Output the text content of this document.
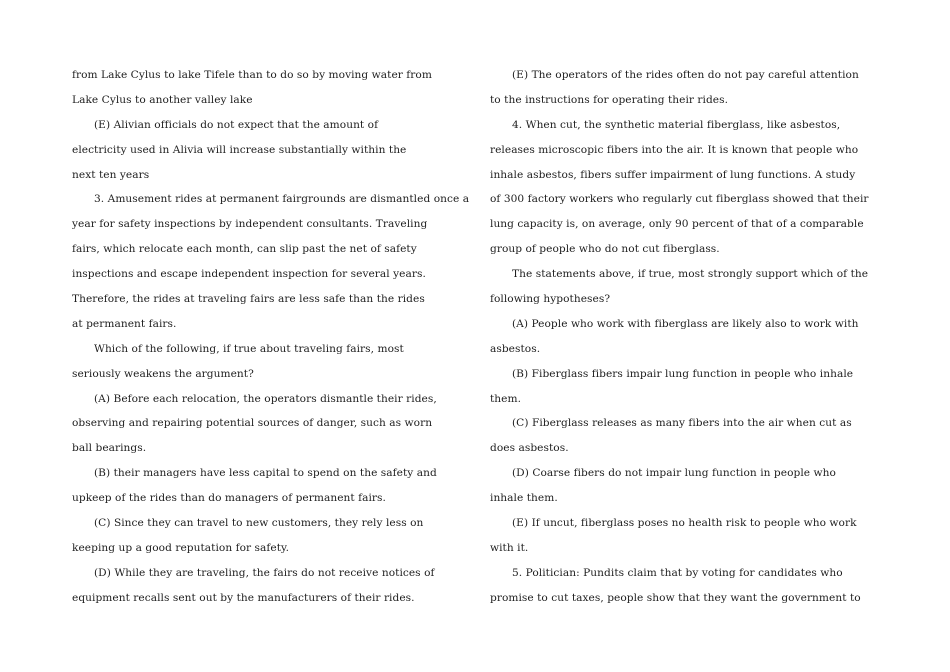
from Lake Cylus to lake Tifele than to do so by moving water from
Lake Cylus to another valley lake
(E) Alivian officials do not expect that the amount of
electricity used in Alivia will increase substantially within the
next ten years
3. Amusement rides at permanent fairgrounds are dismantled once a
year for safety inspections by independent consultants. Traveling
fairs, which relocate each month, can slip past the net of safety
inspections and escape independent inspection for several years.
Therefore, the rides at traveling fairs are less safe than the rides
at permanent fairs.
Which of the following, if true about traveling fairs, most
seriously weakens the argument?
(A) Before each relocation, the operators dismantle their rides,
observing and repairing potential sources of danger, such as worn
ball bearings.
(B) their managers have less capital to spend on the safety and
upkeep of the rides than do managers of permanent fairs.
(C) Since they can travel to new customers, they rely less on
keeping up a good reputation for safety.
(D) While they are traveling, the fairs do not receive notices of
equipment recalls sent out by the manufacturers of their rides.
(E) The operators of the rides often do not pay careful attention
to the instructions for operating their rides.
4. When cut, the synthetic material fiberglass, like asbestos,
releases microscopic fibers into the air. It is known that people who
inhale asbestos, fibers suffer impairment of lung functions. A study
of 300 factory workers who regularly cut fiberglass showed that their
lung capacity is, on average, only 90 percent of that of a comparable
group of people who do not cut fiberglass.
The statements above, if true, most strongly support which of the
following hypotheses?
(A) People who work with fiberglass are likely also to work with
asbestos.
(B) Fiberglass fibers impair lung function in people who inhale
them.
(C) Fiberglass releases as many fibers into the air when cut as
does asbestos.
(D) Coarse fibers do not impair lung function in people who
inhale them.
(E) If uncut, fiberglass poses no health risk to people who work
with it.
5. Politician: Pundits claim that by voting for candidates who
promise to cut taxes, people show that they want the government to
